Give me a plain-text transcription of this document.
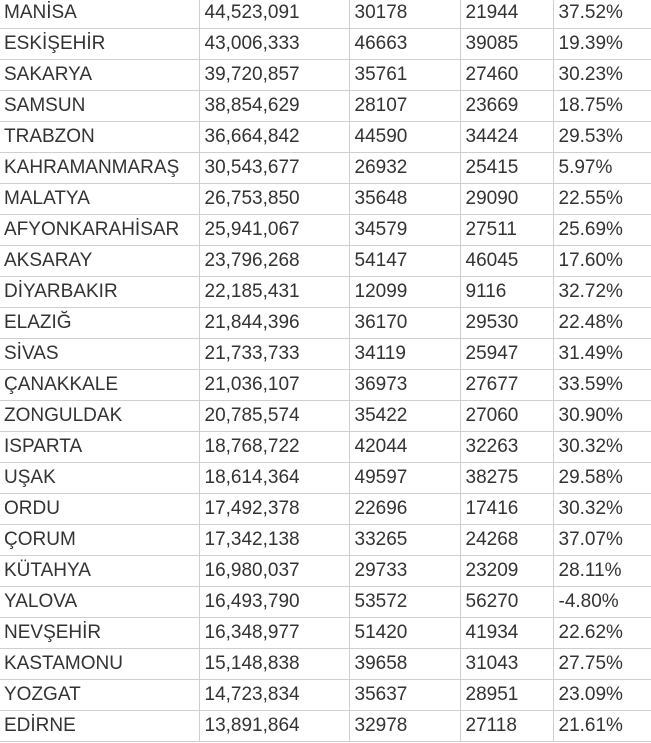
MANİSA	44,523,091	30178	21944	37.52%
ESKİŞEHİR	43,006,333	46663	39085	19.39%
SAKARYA	39,720,857	35761	27460	30.23%
SAMSUN	38,854,629	28107	23669	18.75%
TRABZON	36,664,842	44590	34424	29.53%
KAHRAMANMARAŞ	30,543,677	26932	25415	5.97%
MALATYA	26,753,850	35648	29090	22.55%
AFYONKARAHİSAR	25,941,067	34579	27511	25.69%
AKSARAY	23,796,268	54147	46045	17.60%
DİYARBAKIR	22,185,431	12099	9116	32.72%
ELAZIĞ	21,844,396	36170	29530	22.48%
SİVAS	21,733,733	34119	25947	31.49%
ÇANAKKALE	21,036,107	36973	27677	33.59%
ZONGULDAK	20,785,574	35422	27060	30.90%
ISPARTA	18,768,722	42044	32263	30.32%
UŞAK	18,614,364	49597	38275	29.58%
ORDU	17,492,378	22696	17416	30.32%
ÇORUM	17,342,138	33265	24268	37.07%
KÜTAHYA	16,980,037	29733	23209	28.11%
YALOVA	16,493,790	53572	56270	-4.80%
NEVŞEHİR	16,348,977	51420	41934	22.62%
KASTAMONU	15,148,838	39658	31043	27.75%
YOZGAT	14,723,834	35637	28951	23.09%
EDİRNE	13,891,864	32978	27118	21.61%
